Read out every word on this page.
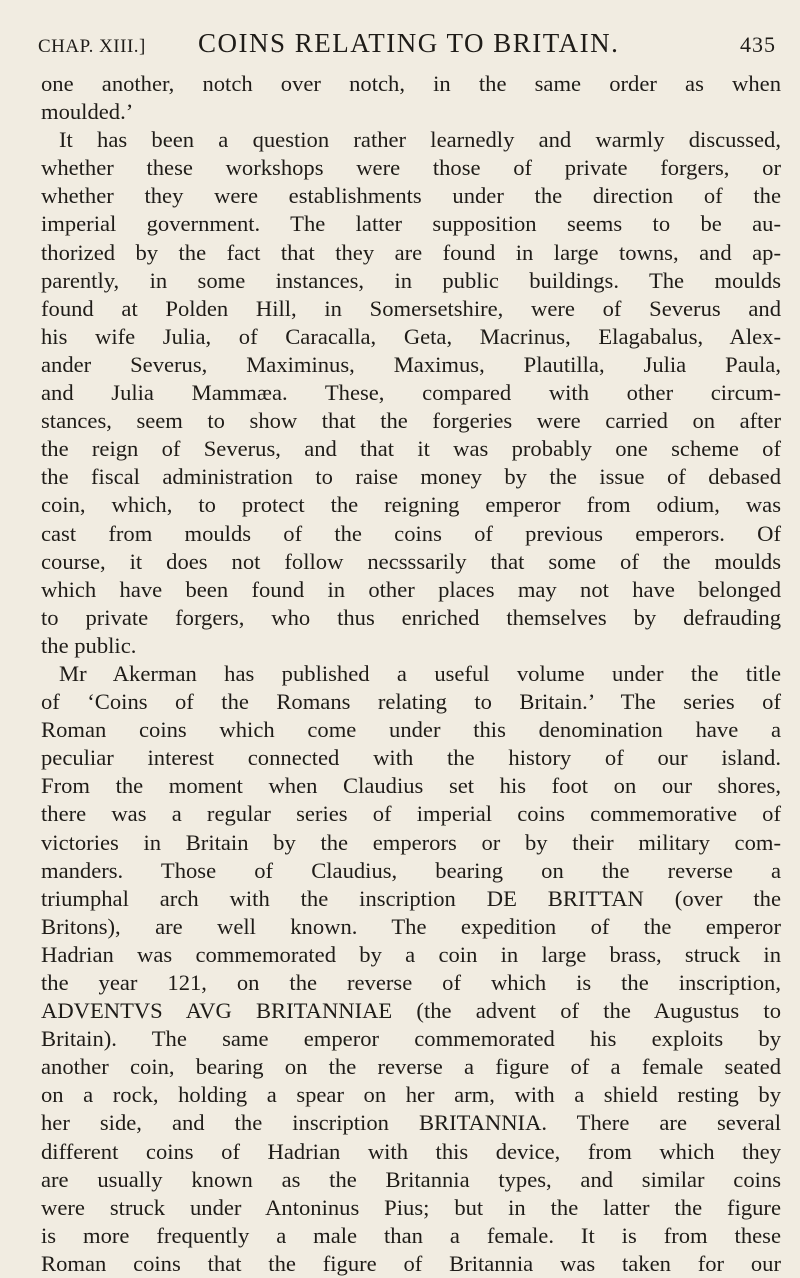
CHAP. XIII.] COINS RELATING TO BRITAIN.	435
one another, notch over notch, in the same order as when
moulded.’
It has been a question rather learnedly and warmly discussed,
whether these workshops were those of private forgers, or
whether they were establishments under the direction of the
imperial government. The latter supposition seems to be au-
thorized by the fact that they are found in large towns, and ap-
parently, in some instances, in public buildings. The moulds
found at Polden Hill, in Somersetshire, were of Severus and
his wife Julia, of Caracalla, Geta, Macrinus, Elagabalus, Alex-
ander Severus, Maximinus, Maximus, Plautilla, Julia Paula,
and Julia Mammæa. These, compared with other circum-
stances, seem to show that the forgeries were carried on after
the reign of Severus, and that it was probably one scheme of
the fiscal administration to raise money by the issue of debased
coin, which, to protect the reigning emperor from odium, was
cast from moulds of the coins of previous emperors. Of
course, it does not follow necsssarily that some of the moulds
which have been found in other places may not have belonged
to private forgers, who thus enriched themselves by defrauding
the public.
Mr Akerman has published a useful volume under the title
of ‘Coins of the Romans relating to Britain.’ The series of
Roman coins which come under this denomination have a
peculiar interest connected with the history of our island.
From the moment when Claudius set his foot on our shores,
there was a regular series of imperial coins commemorative of
victories in Britain by the emperors or by their military com-
manders. Those of Claudius, bearing on the reverse a
triumphal arch with the inscription DE BRITTAN (over the
Britons), are well known. The expedition of the emperor
Hadrian was commemorated by a coin in large brass, struck in
the year 121, on the reverse of which is the inscription,
ADVENTVS AVG BRITANNIAE (the advent of the Augustus to
Britain). The same emperor commemorated his exploits by
another coin, bearing on the reverse a figure of a female seated
on a rock, holding a spear on her arm, with a shield resting by
her side, and the inscription BRITANNIA. There are several
different coins of Hadrian with this device, from which they
are usually known as the Britannia types, and similar coins
were struck under Antoninus Pius; but in the latter the figure
is more frequently a male than a female. It is from these
Roman coins that the figure of Britannia was taken for our
